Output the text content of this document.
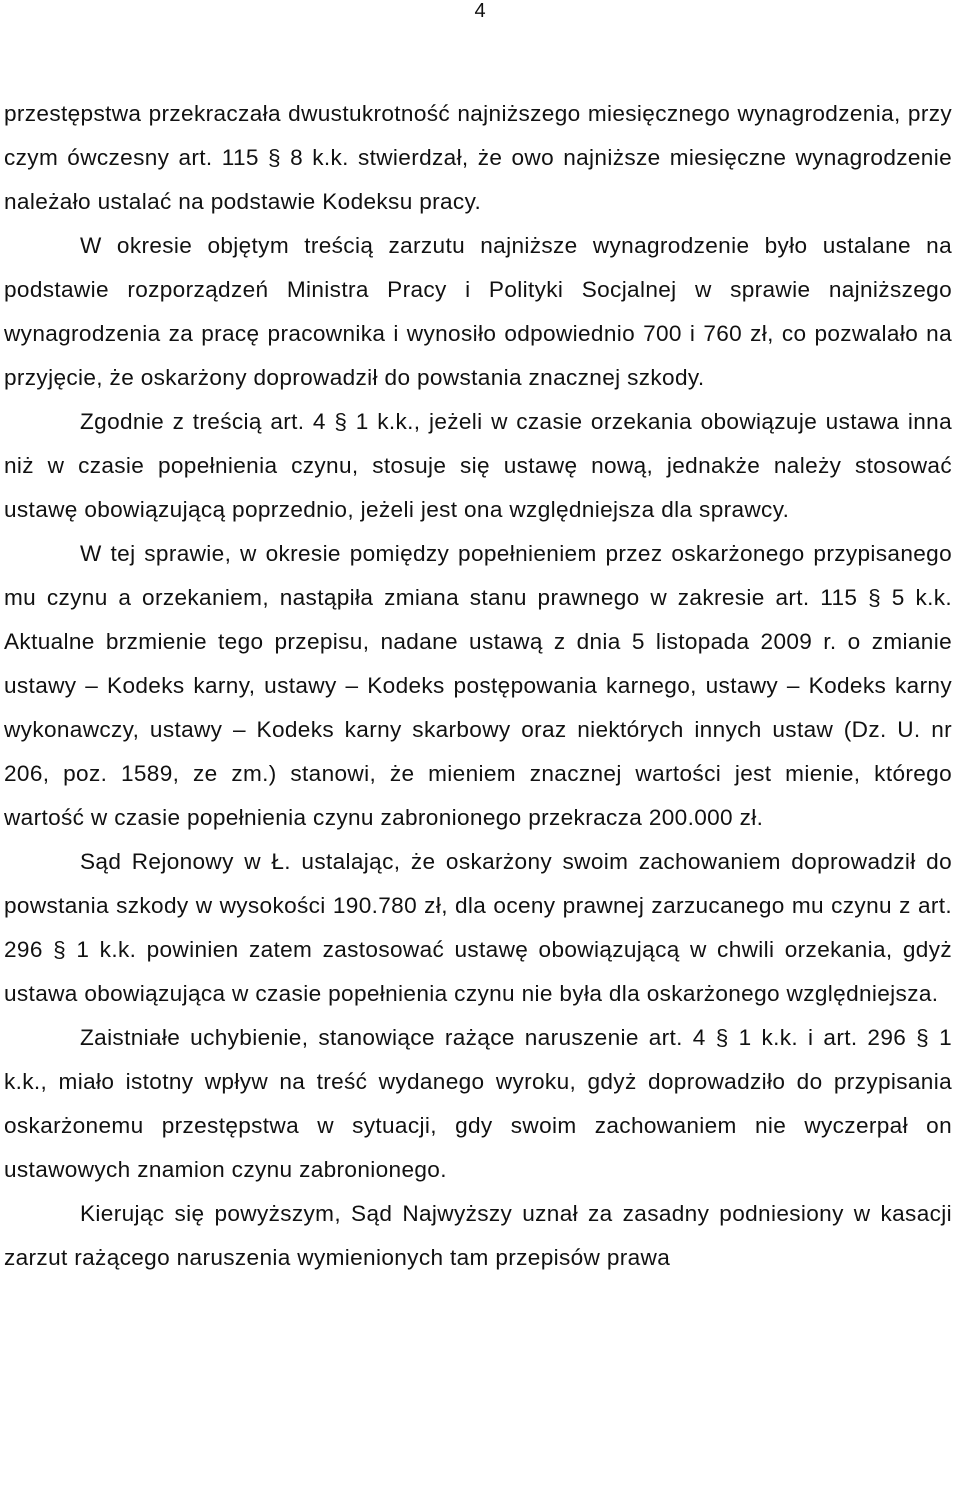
4

przestępstwa przekraczała dwustukrotność najniższego miesięcznego wynagrodzenia, przy czym ówczesny art. 115 § 8 k.k. stwierdzał, że owo najniższe miesięczne wynagrodzenie należało ustalać na podstawie Kodeksu pracy.

W okresie objętym treścią zarzutu najniższe wynagrodzenie było ustalane na podstawie rozporządzeń Ministra Pracy i Polityki Socjalnej w sprawie najniższego wynagrodzenia za pracę pracownika i wynosiło odpowiednio 700 i 760 zł, co pozwalało na przyjęcie, że oskarżony doprowadził do powstania znacznej szkody.

Zgodnie z treścią art. 4 § 1 k.k., jeżeli w czasie orzekania obowiązuje ustawa inna niż w czasie popełnienia czynu, stosuje się ustawę nową, jednakże należy stosować ustawę obowiązującą poprzednio, jeżeli jest ona względniejsza dla sprawcy.

W tej sprawie, w okresie pomiędzy popełnieniem przez oskarżonego przypisanego mu czynu a orzekaniem, nastąpiła zmiana stanu prawnego w zakresie art. 115 § 5 k.k. Aktualne brzmienie tego przepisu, nadane ustawą z dnia 5 listopada 2009 r. o zmianie ustawy – Kodeks karny, ustawy – Kodeks postępowania karnego, ustawy – Kodeks karny wykonawczy, ustawy – Kodeks karny skarbowy oraz niektórych innych ustaw (Dz. U. nr 206, poz. 1589, ze zm.) stanowi, że mieniem znacznej wartości jest mienie, którego wartość w czasie popełnienia czynu zabronionego przekracza 200.000 zł.

Sąd Rejonowy w Ł. ustalając, że oskarżony swoim zachowaniem doprowadził do powstania szkody w wysokości 190.780 zł, dla oceny prawnej zarzucanego mu czynu z art. 296 § 1 k.k. powinien zatem zastosować ustawę obowiązującą w chwili orzekania, gdyż ustawa obowiązująca w czasie popełnienia czynu nie była dla oskarżonego względniejsza.

Zaistniałe uchybienie, stanowiące rażące naruszenie art. 4 § 1 k.k. i art. 296 § 1 k.k., miało istotny wpływ na treść wydanego wyroku, gdyż doprowadziło do przypisania oskarżonemu przestępstwa w sytuacji, gdy swoim zachowaniem nie wyczerpał on ustawowych znamion czynu zabronionego.

Kierując się powyższym, Sąd Najwyższy uznał za zasadny podniesiony w kasacji zarzut rażącego naruszenia wymienionych tam przepisów prawa
